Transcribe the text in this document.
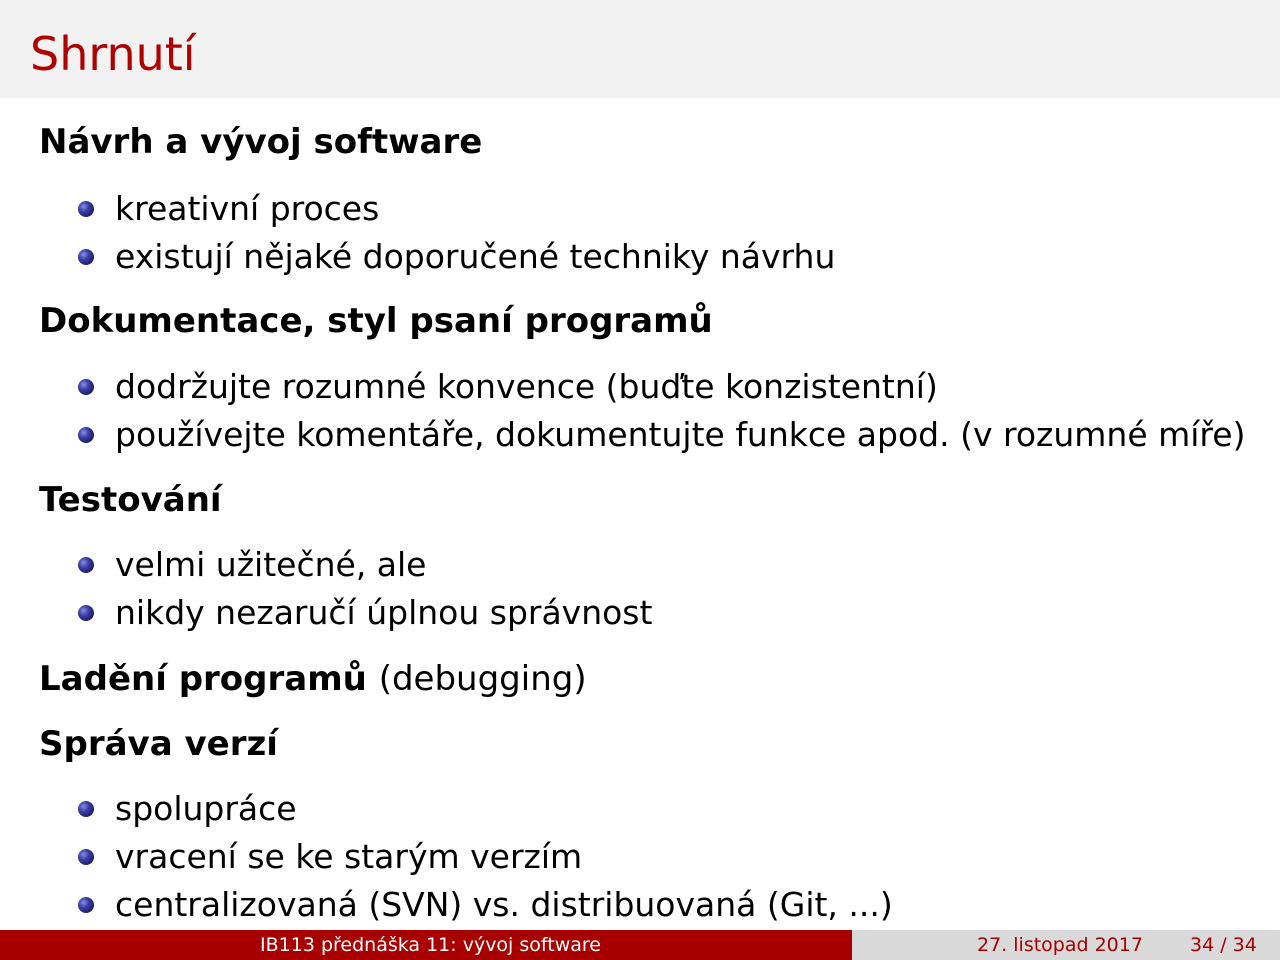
Shrnutí
Návrh a vývoj software
kreativní proces
existují nějaké doporučené techniky návrhu
Dokumentace, styl psaní programů
dodržujte rozumné konvence (buďte konzistentní)
používejte komentáře, dokumentujte funkce apod. (v rozumné míře)
Testování
velmi užitečné, ale
nikdy nezaručí úplnou správnost
Ladění programů (debugging)
Správa verzí
spolupráce
vracení se ke starým verzím
centralizovaná (SVN) vs. distribuovaná (Git, ...)
IB113 přednáška 11: vývoj software	27. listopad 2017 34 / 34
